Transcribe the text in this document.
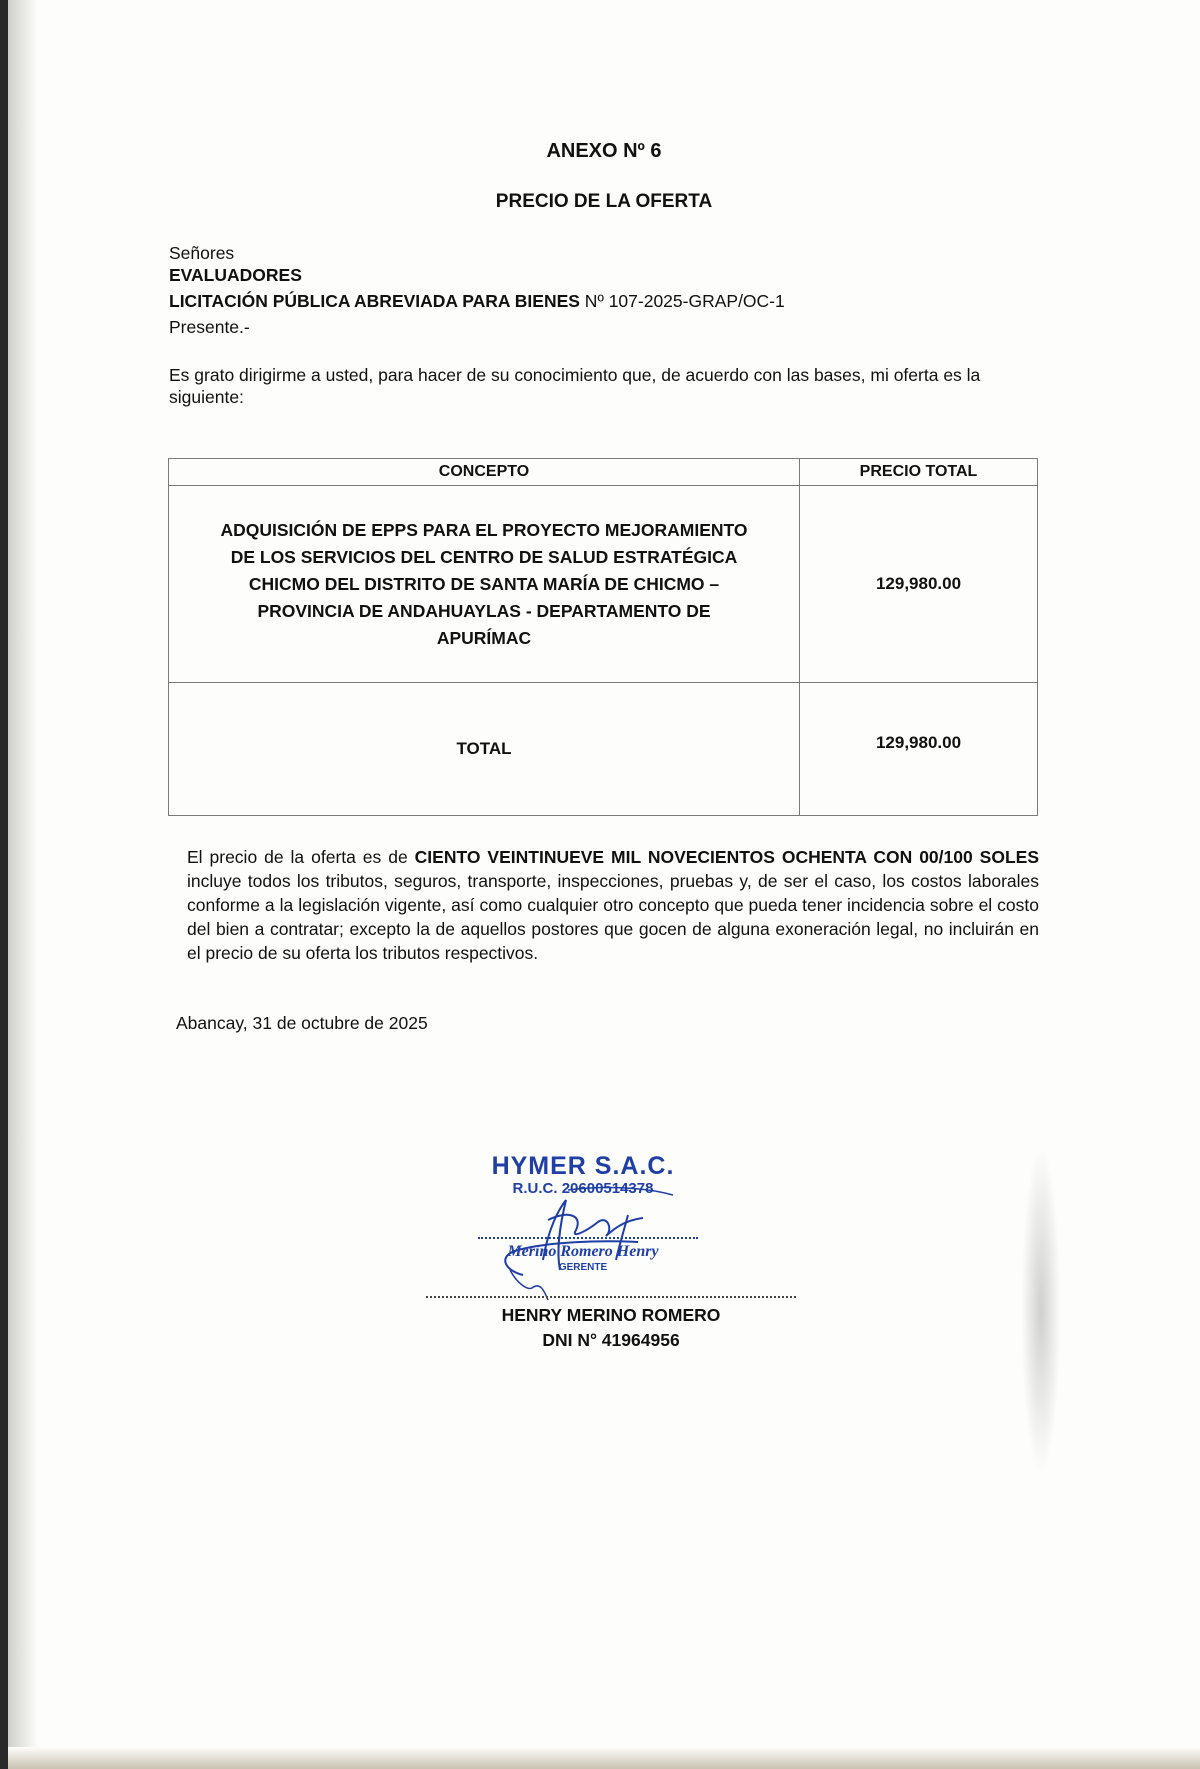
ANEXO Nº 6
PRECIO DE LA OFERTA
Señores
EVALUADORES
LICITACIÓN PÚBLICA ABREVIADA PARA BIENES Nº 107-2025-GRAP/OC-1
Presente.-
Es grato dirigirme a usted, para hacer de su conocimiento que, de acuerdo con las bases, mi oferta es la siguiente:
CONCEPTO	PRECIO TOTAL

ADQUISICIÓN DE EPPS PARA EL PROYECTO MEJORAMIENTO
DE LOS SERVICIOS DEL CENTRO DE SALUD ESTRATÉGICA
CHICMO DEL DISTRITO DE SANTA MARÍA DE CHICMO –
PROVINCIA DE ANDAHUAYLAS - DEPARTAMENTO DE
APURÍMAC	129,980.00

TOTAL	129,980.00
El precio de la oferta es de CIENTO VEINTINUEVE MIL NOVECIENTOS OCHENTA CON 00/100 SOLES incluye todos los tributos, seguros, transporte, inspecciones, pruebas y, de ser el caso, los costos laborales conforme a la legislación vigente, así como cualquier otro concepto que pueda tener incidencia sobre el costo del bien a contratar; excepto la de aquellos postores que gocen de alguna exoneración legal, no incluirán en el precio de su oferta los tributos respectivos.
Abancay, 31 de octubre de 2025
HYMER S.A.C.
R.U.C. 20600514378
Merino Romero Henry
GERENTE
HENRY MERINO ROMERO
DNI N° 41964956
